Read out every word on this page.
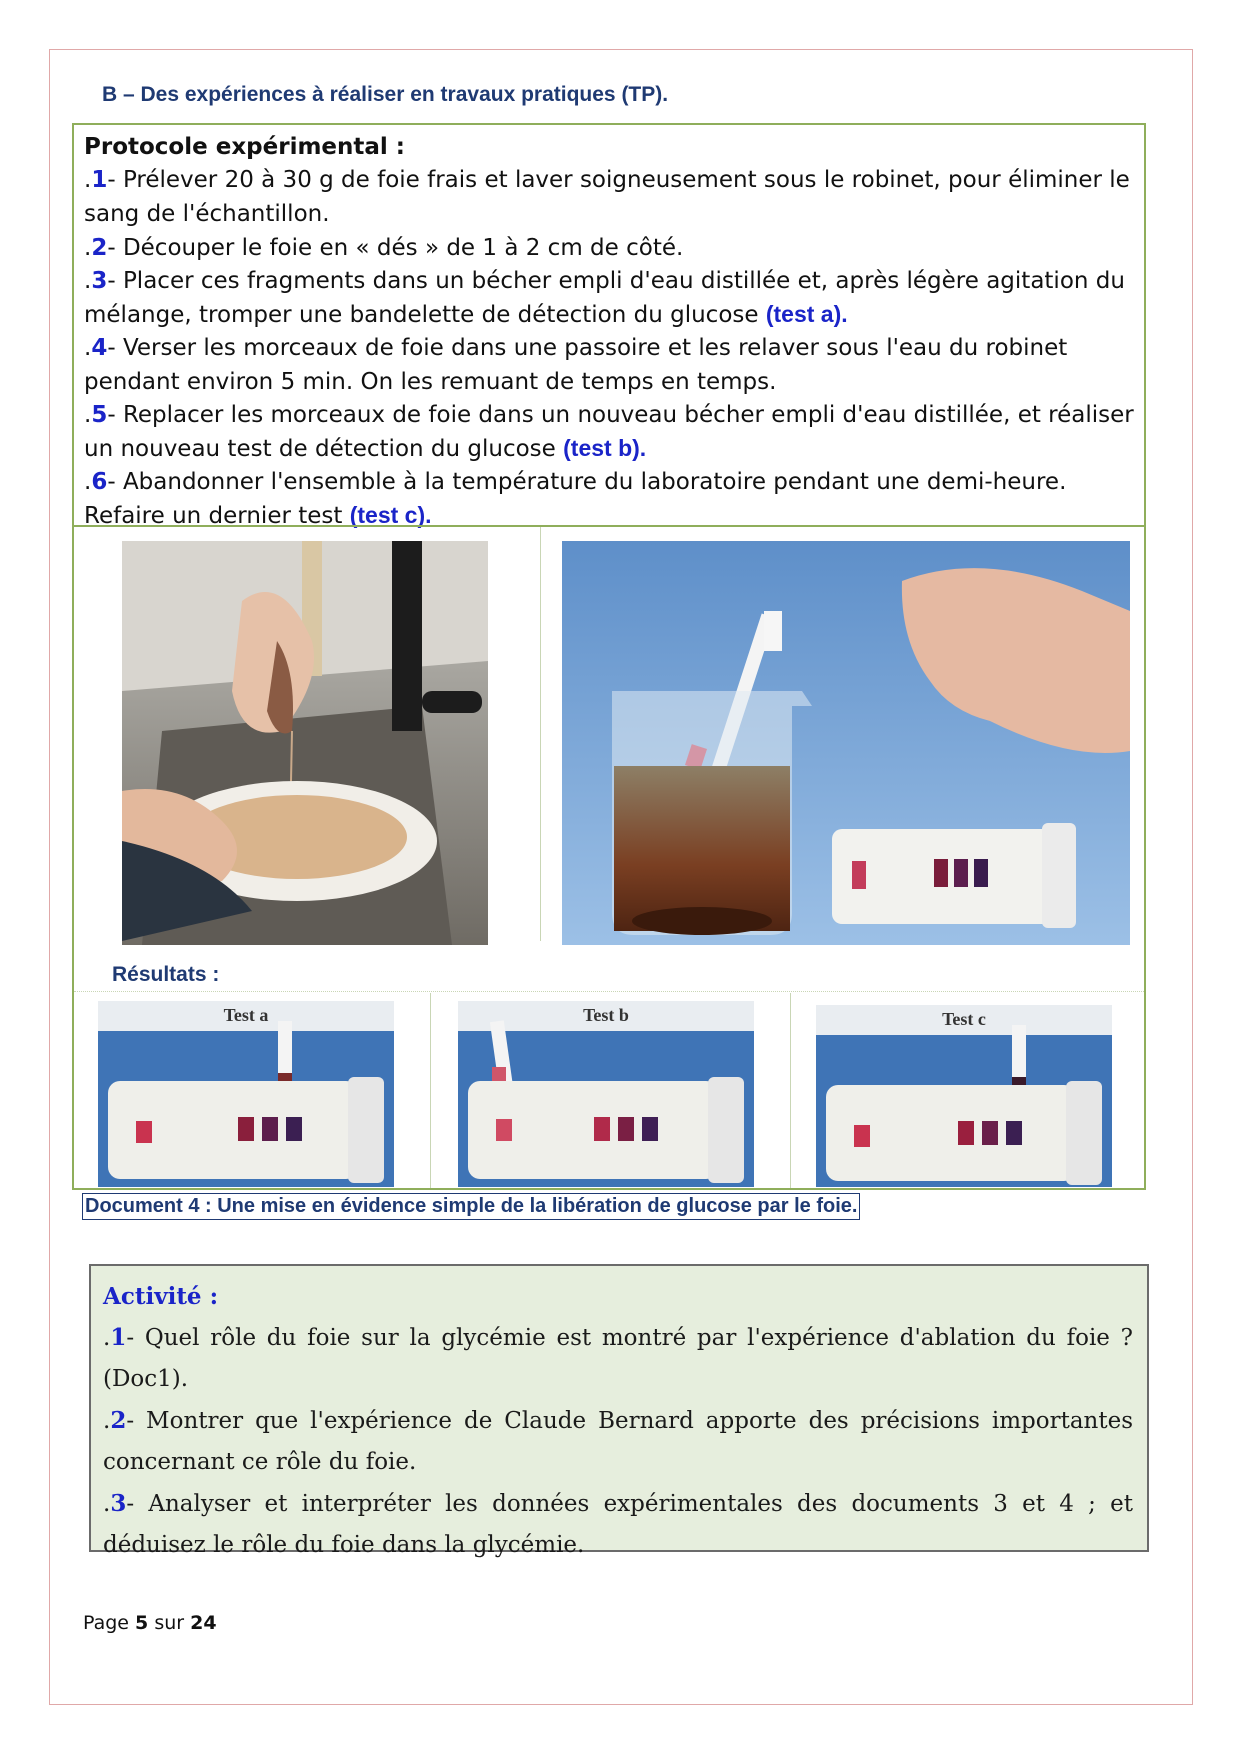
B – Des expériences à réaliser en travaux pratiques (TP).
Protocole expérimental :
.1- Prélever 20 à 30 g de foie frais et laver soigneusement sous le robinet, pour éliminer le sang de l'échantillon.
.2- Découper le foie en « dés » de 1 à 2 cm de côté.
.3- Placer ces fragments dans un bécher empli d'eau distillée et, après légère agitation du mélange, tromper une bandelette de détection du glucose (test a).
.4- Verser les morceaux de foie dans une passoire et les relaver sous l'eau du robinet pendant environ 5 min. On les remuant de temps en temps.
.5- Replacer les morceaux de foie dans un nouveau bécher empli d'eau distillée, et réaliser un nouveau test de détection du glucose (test b).
.6- Abandonner l'ensemble à la température du laboratoire pendant une demi-heure. Refaire un dernier test (test c).
Résultats :
Test a	Test b	Test c
Document 4 : Une mise en évidence simple de la libération de glucose par le foie.
Activité :
.1- Quel rôle du foie sur la glycémie est montré par l'expérience d'ablation du foie ? (Doc1).
.2- Montrer que l'expérience de Claude Bernard apporte des précisions importantes concernant ce rôle du foie.
.3- Analyser et interpréter les données expérimentales des documents 3 et 4 ; et déduisez le rôle du foie dans la glycémie.
Page 5 sur 24
